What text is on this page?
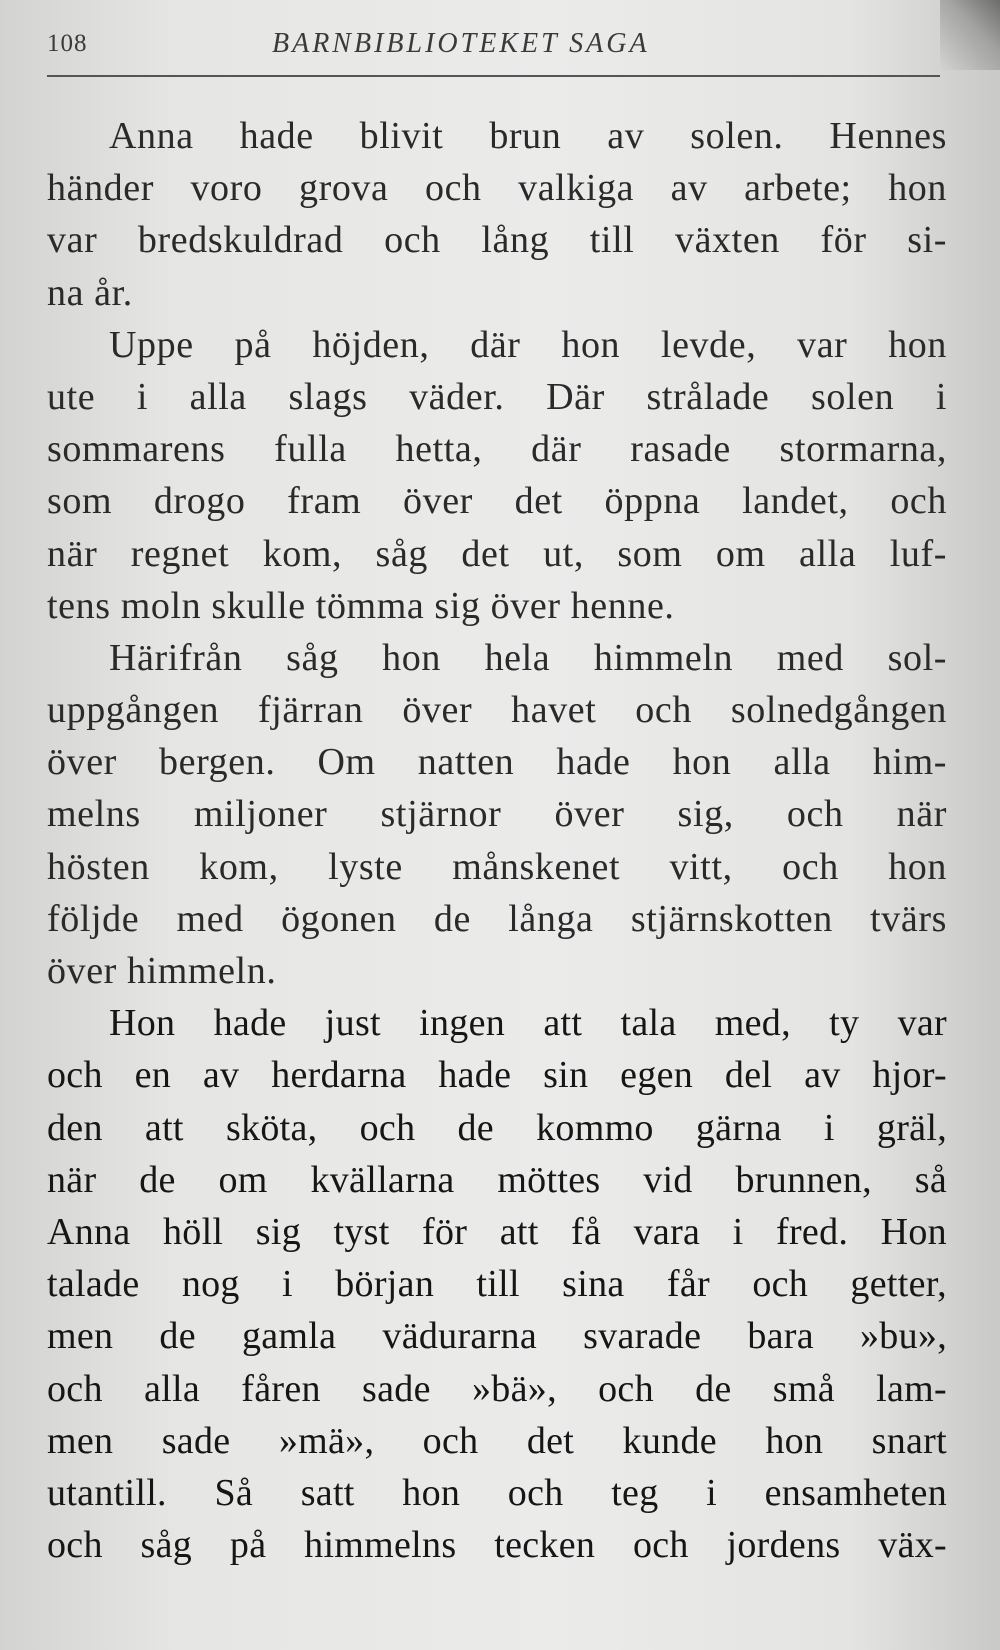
108	BARNBIBLIOTEKET SAGA

Anna hade blivit brun av solen. Hennes
händer voro grova och valkiga av arbete; hon
var bredskuldrad och lång till växten för si-
na år.

Uppe på höjden, där hon levde, var hon
ute i alla slags väder. Där strålade solen i
sommarens fulla hetta, där rasade stormarna,
som drogo fram över det öppna landet, och
när regnet kom, såg det ut, som om alla luf-
tens moln skulle tömma sig över henne.

Härifrån såg hon hela himmeln med sol-
uppgången fjärran över havet och solnedgången
över bergen. Om natten hade hon alla him-
melns miljoner stjärnor över sig, och när
hösten kom, lyste månskenet vitt, och hon
följde med ögonen de långa stjärnskotten tvärs
över himmeln.

Hon hade just ingen att tala med, ty var
och en av herdarna hade sin egen del av hjor-
den att sköta, och de kommo gärna i gräl,
när de om kvällarna möttes vid brunnen, så
Anna höll sig tyst för att få vara i fred. Hon
talade nog i början till sina får och getter,
men de gamla vädurarna svarade bara »bu»,
och alla fåren sade »bä», och de små lam-
men sade »mä», och det kunde hon snart
utantill. Så satt hon och teg i ensamheten
och såg på himmelns tecken och jordens väx-
